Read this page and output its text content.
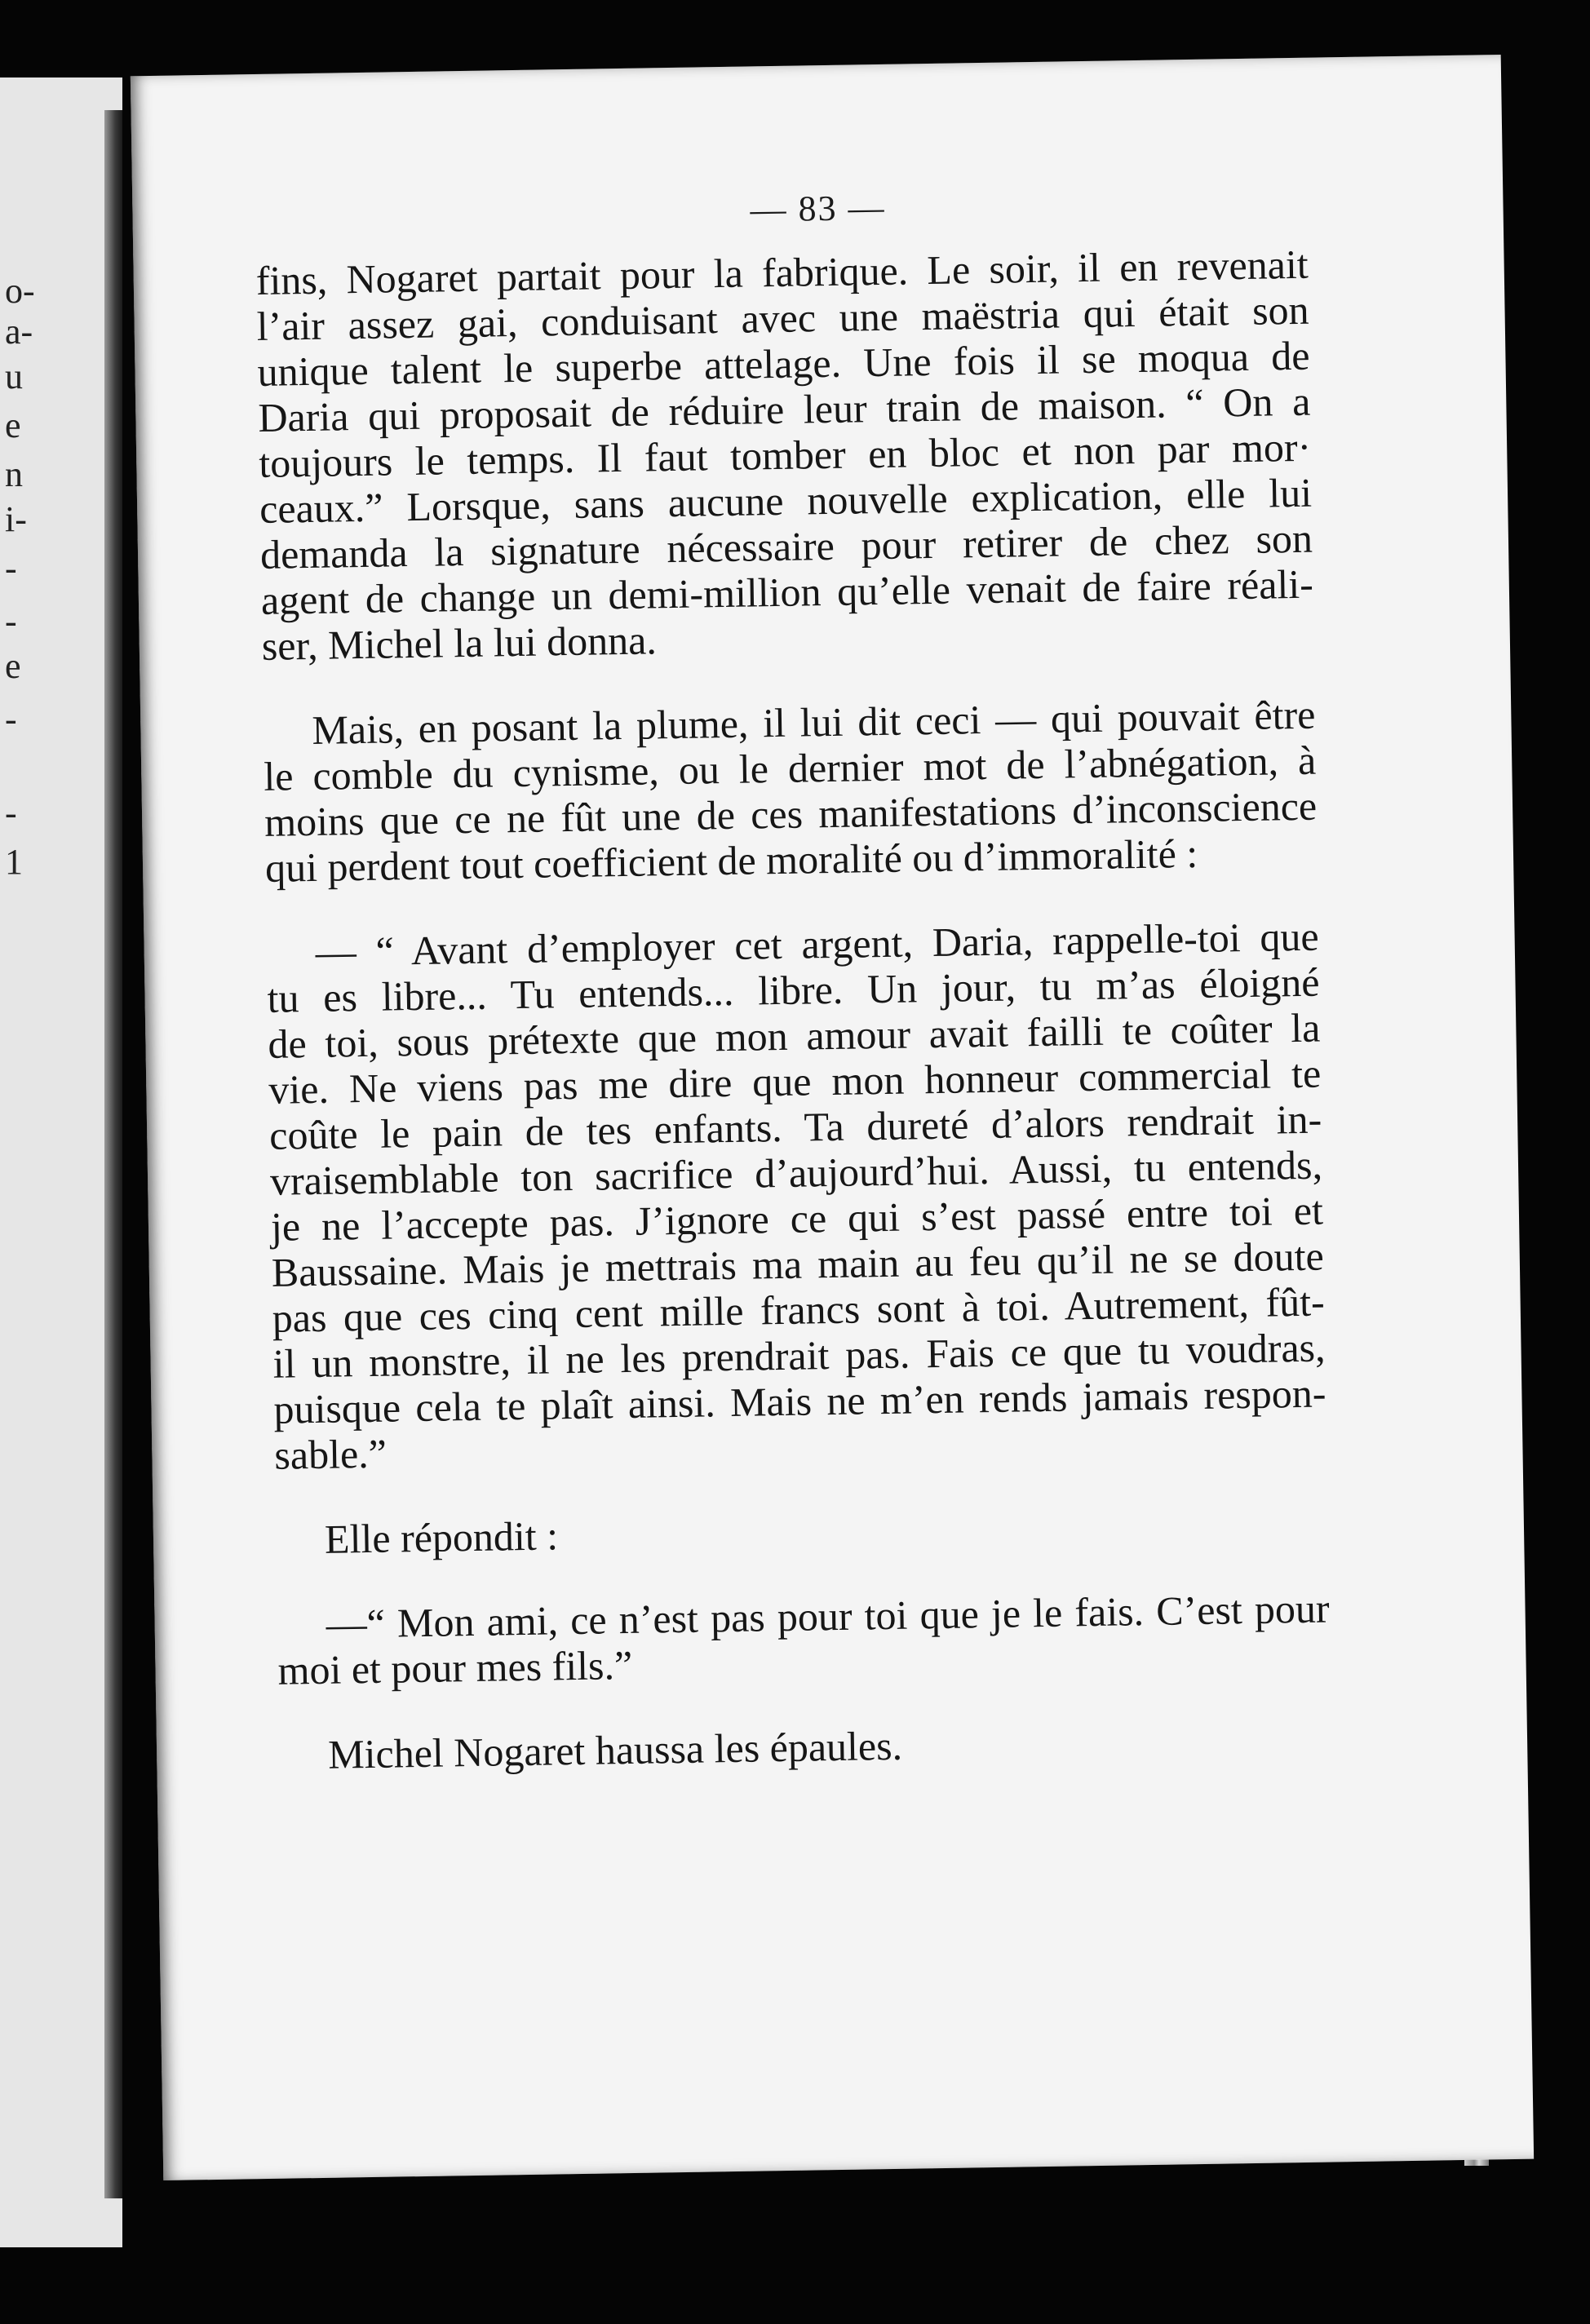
o-
a-
u
e
n
i-
-
-
e
-
-
1
— 83 —
fins, Nogaret partait pour la fabrique. Le soir, il en revenait
l’air assez gai, conduisant avec une maëstria qui était son
unique talent le superbe attelage. Une fois il se moqua de
Daria qui proposait de réduire leur train de maison. “ On a
toujours le temps. Il faut tomber en bloc et non par mor·
ceaux.” Lorsque, sans aucune nouvelle explication, elle lui
demanda la signature nécessaire pour retirer de chez son
agent de change un demi-million qu’elle venait de faire réali-
ser, Michel la lui donna.
Mais, en posant la plume, il lui dit ceci — qui pouvait être
le comble du cynisme, ou le dernier mot de l’abnégation, à
moins que ce ne fût une de ces manifestations d’inconscience
qui perdent tout coefficient de moralité ou d’immoralité :
— “ Avant d’employer cet argent, Daria, rappelle-toi que
tu es libre... Tu entends... libre. Un jour, tu m’as éloigné
de toi, sous prétexte que mon amour avait failli te coûter la
vie. Ne viens pas me dire que mon honneur commercial te
coûte le pain de tes enfants. Ta dureté d’alors rendrait in-
vraisemblable ton sacrifice d’aujourd’hui. Aussi, tu entends,
je ne l’accepte pas. J’ignore ce qui s’est passé entre toi et
Baussaine. Mais je mettrais ma main au feu qu’il ne se doute
pas que ces cinq cent mille francs sont à toi. Autrement, fût-
il un monstre, il ne les prendrait pas. Fais ce que tu voudras,
puisque cela te plaît ainsi. Mais ne m’en rends jamais respon-
sable.”
Elle répondit :
—“ Mon ami, ce n’est pas pour toi que je le fais. C’est pour
moi et pour mes fils.”
Michel Nogaret haussa les épaules.
